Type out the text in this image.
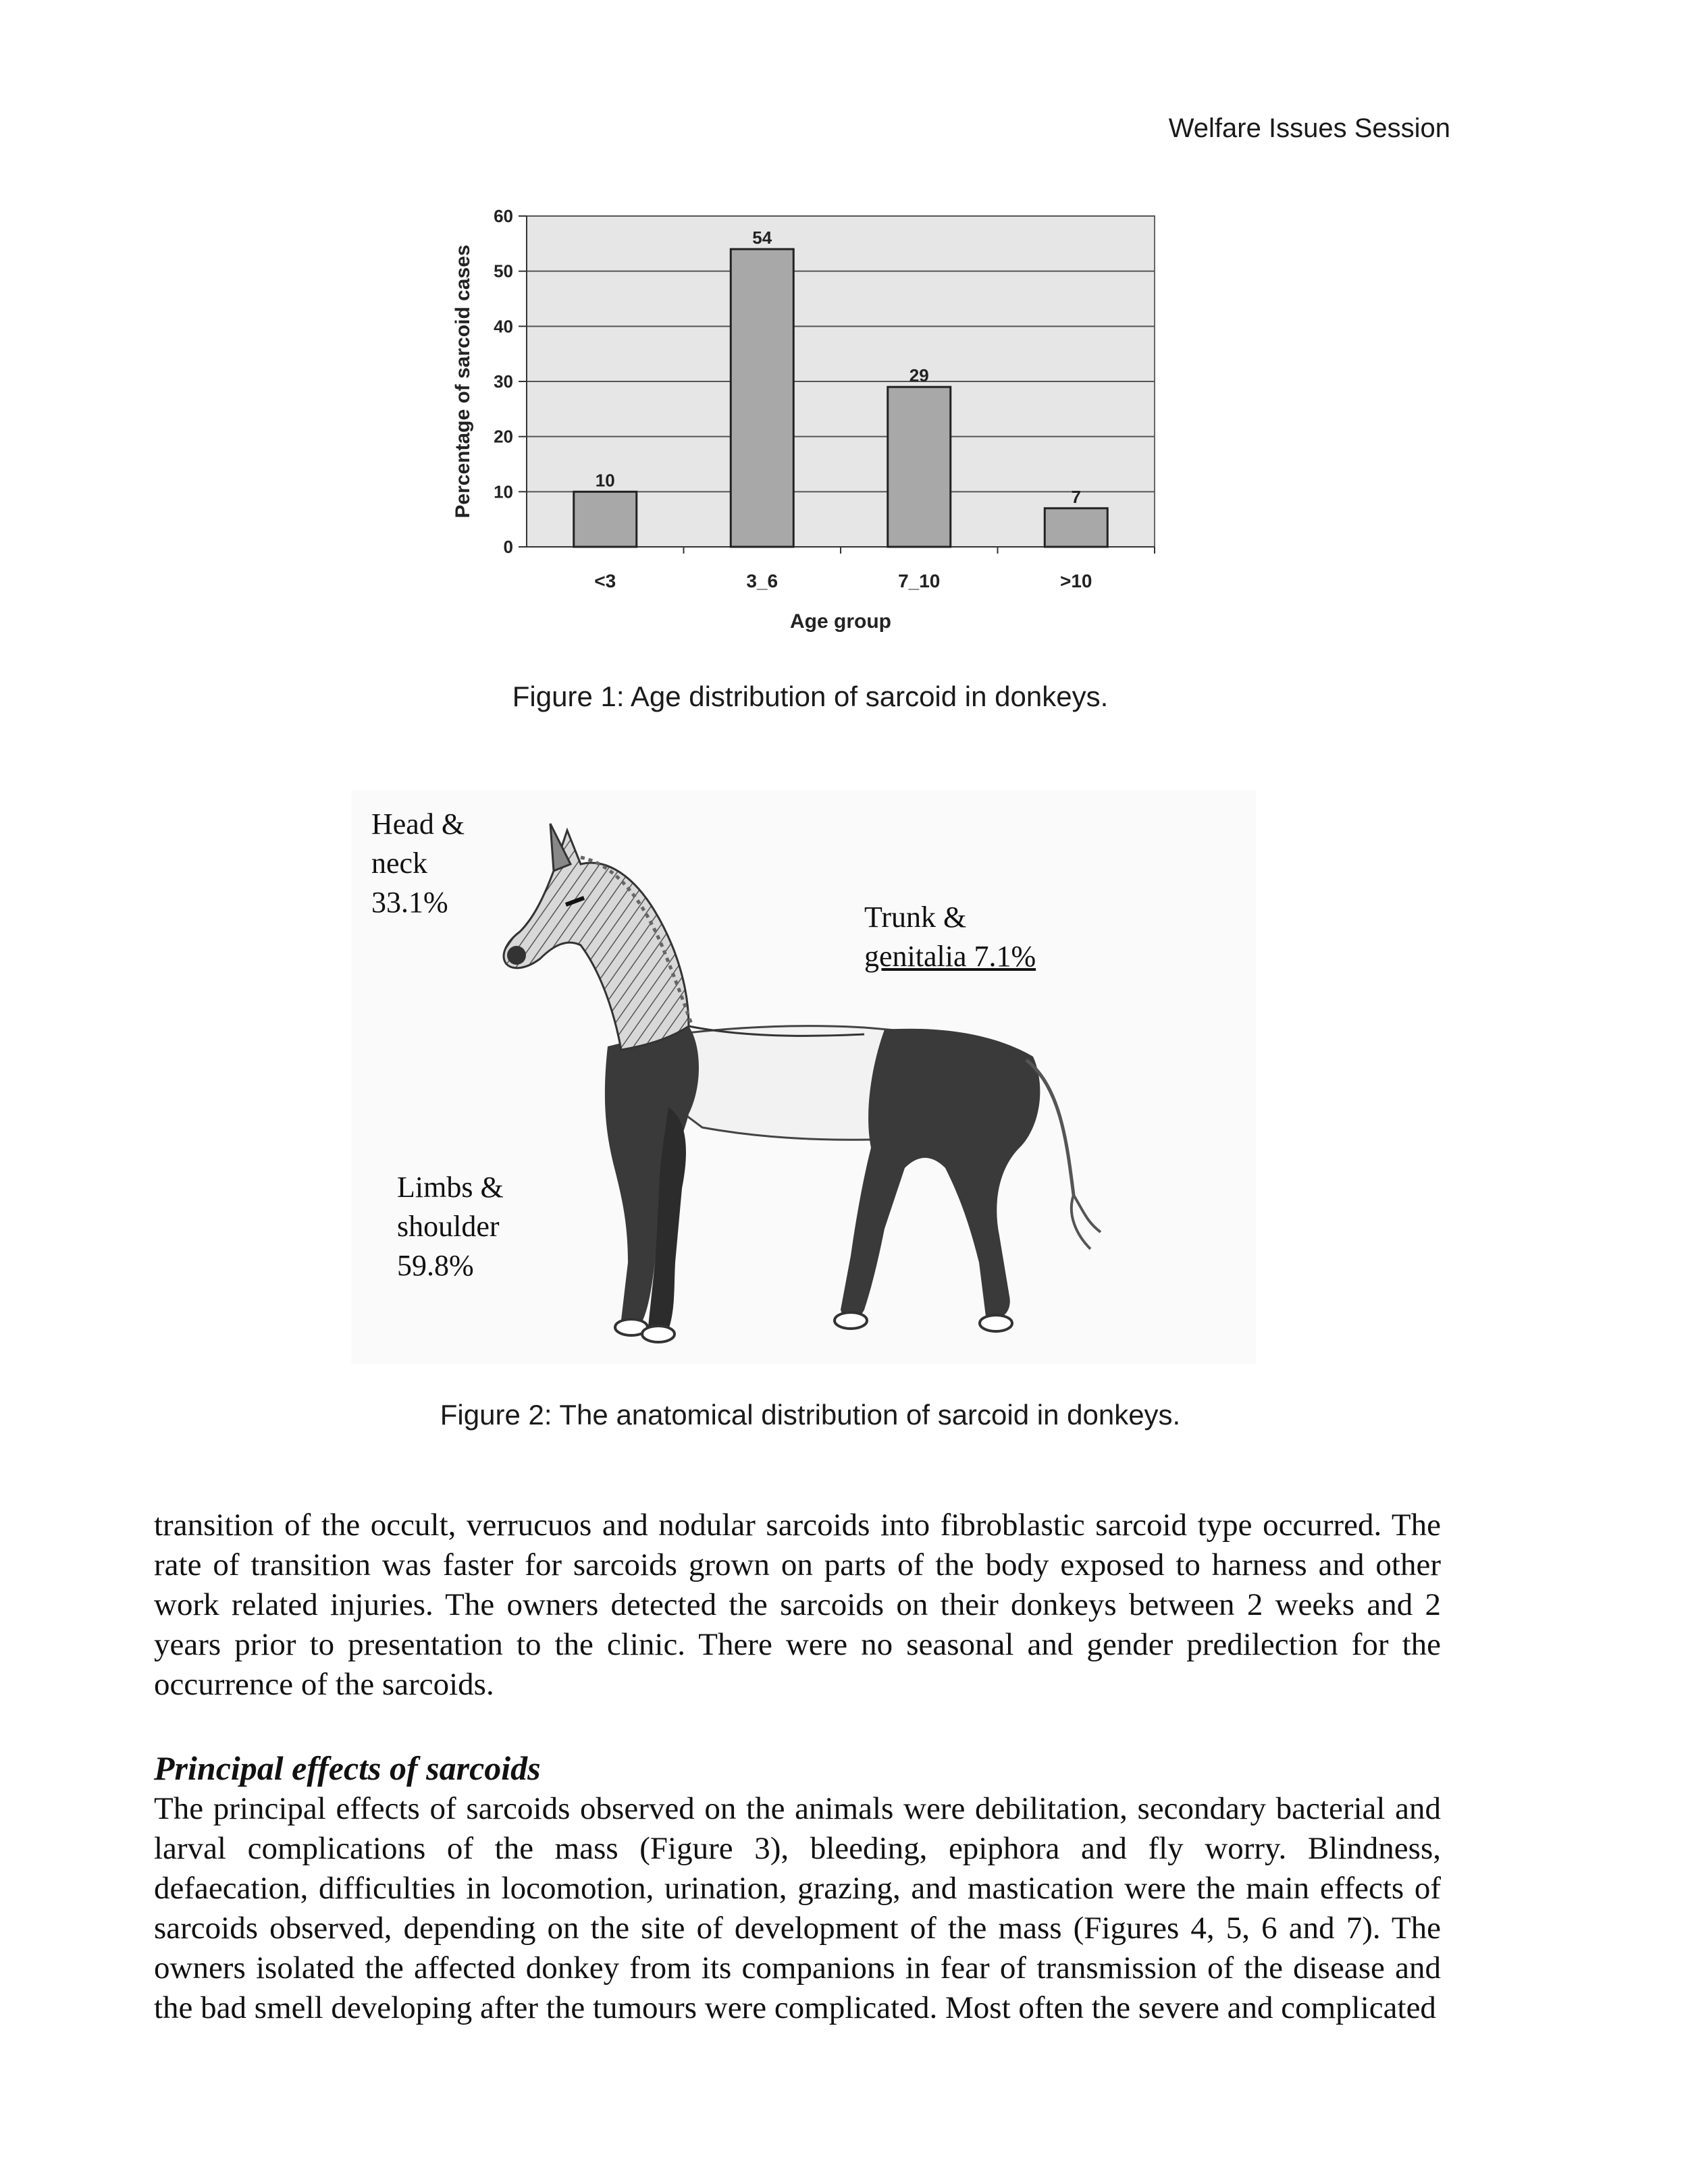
Welfare Issues Session
0
10
20
30
40
50
60
10
<3
54
3_6
29
7_10
7
>10
Age group
Percentage of sarcoid cases
Figure 1: Age distribution of sarcoid in donkeys.
Head &
neck
33.1%	Trunk &
genitalia 7.1%
Limbs &
shoulder
59.8%
Figure 2: The anatomical distribution of sarcoid in donkeys.

transition of the occult, verrucuos and nodular sarcoids into fibroblastic sarcoid type occurred. The rate of transition was faster for sarcoids grown on parts of the body exposed to harness and other work related injuries. The owners detected the sarcoids on their donkeys between 2 weeks and 2 years prior to presentation to the clinic. There were no seasonal and gender predilection for the occurrence of the sarcoids.

Principal effects of sarcoids

The principal effects of sarcoids observed on the animals were debilitation, secondary bacterial and larval complications of the mass (Figure 3), bleeding, epiphora and fly worry. Blindness, defaecation, difficulties in locomotion, urination, grazing, and mastication were the main effects of sarcoids observed, depending on the site of development of the mass (Figures 4, 5, 6 and 7). The owners isolated the affected donkey from its companions in fear of transmission of the disease and the bad smell developing after the tumours were complicated. Most often the severe and complicated
